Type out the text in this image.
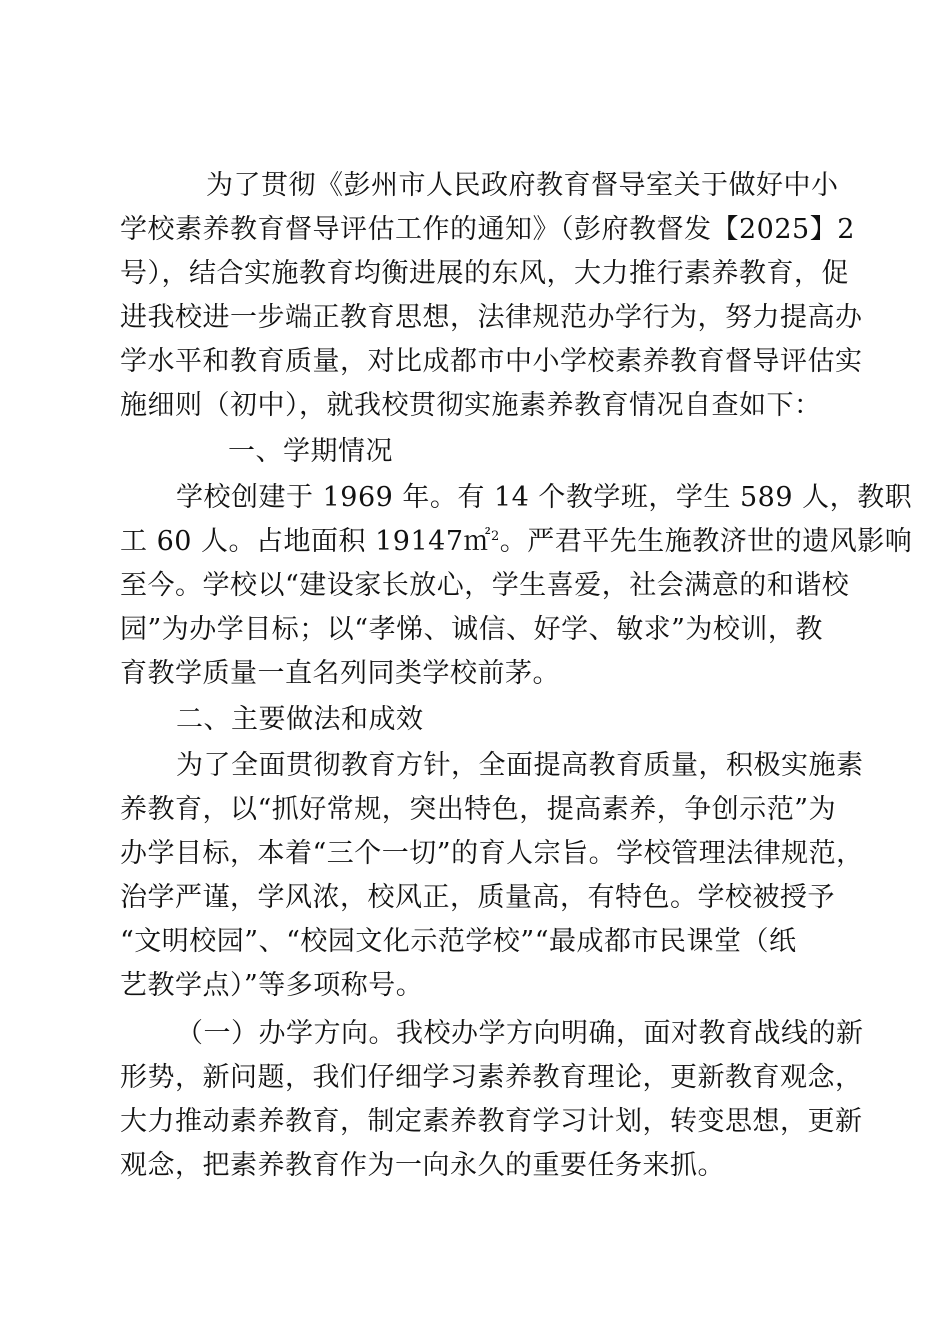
为了贯彻《彭州市人民政府教育督导室关于做好中小
学校素养教育督导评估工作的通知》（彭府教督发【2025】2
号），结合实施教育均衡进展的东风，大力推行素养教育，促
进我校进一步端正教育思想，法律规范办学行为，努力提高办
学水平和教育质量，对比成都市中小学校素养教育督导评估实
施细则（初中），就我校贯彻实施素养教育情况自查如下：
一、学期情况
学校创建于 1969 年。有 14 个教学班，学生 589 人，教职
工 60 人。占地面积 19147㎡$^2$。严君平先生施教济世的遗风影响
至今。学校以“建设家长放心，学生喜爱，社会满意的和谐校
园”为办学目标；以“孝悌、诚信、好学、敏求”为校训，教
育教学质量一直名列同类学校前茅。
二、主要做法和成效
为了全面贯彻教育方针，全面提高教育质量，积极实施素
养教育，以“抓好常规，突出特色，提高素养，争创示范”为
办学目标，本着“三个一切”的育人宗旨。学校管理法律规范，
治学严谨，学风浓，校风正，质量高，有特色。学校被授予
“文明校园”、“校园文化示范学校”“最成都市民课堂（纸
艺教学点）”等多项称号。
（一）办学方向。我校办学方向明确，面对教育战线的新
形势，新问题，我们仔细学习素养教育理论，更新教育观念，
大力推动素养教育，制定素养教育学习计划，转变思想，更新
观念，把素养教育作为一向永久的重要任务来抓。
